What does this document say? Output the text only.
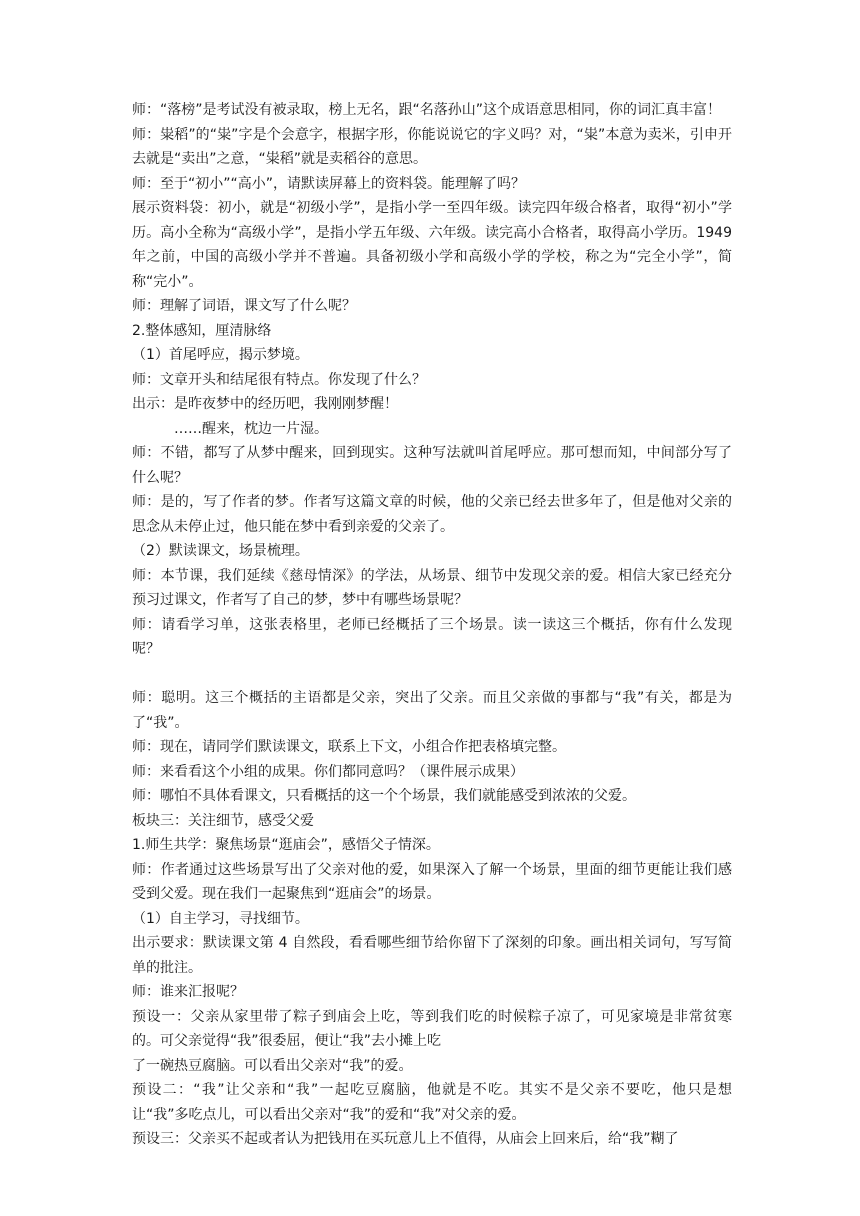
师：“落榜”是考试没有被录取，榜上无名，跟“名落孙山”这个成语意思相同，你的词汇真丰富！

师：粜稻”的“粜”字是个会意字，根据字形，你能说说它的字义吗？对，“粜”本意为卖米，引申开去就是“卖出”之意，“粜稻”就是卖稻谷的意思。

师：至于“初小”“高小”，请默读屏幕上的资料袋。能理解了吗？

展示资料袋：初小，就是“初级小学”，是指小学一至四年级。读完四年级合格者，取得“初小”学历。高小全称为“高级小学”，是指小学五年级、六年级。读完高小合格者，取得高小学历。1949 年之前，中国的高级小学并不普遍。具备初级小学和高级小学的学校，称之为“完全小学”，简称“完小”。

师：理解了词语，课文写了什么呢？

2.整体感知，厘清脉络

（1）首尾呼应，揭示梦境。

师：文章开头和结尾很有特点。你发现了什么？

出示：是昨夜梦中的经历吧，我刚刚梦醒！

……醒来，枕边一片湿。

师：不错，都写了从梦中醒来，回到现实。这种写法就叫首尾呼应。那可想而知，中间部分写了什么呢？

师：是的，写了作者的梦。作者写这篇文章的时候，他的父亲已经去世多年了，但是他对父亲的思念从未停止过，他只能在梦中看到亲爱的父亲了。

（2）默读课文，场景梳理。

师：本节课，我们延续《慈母情深》的学法，从场景、细节中发现父亲的爱。相信大家已经充分预习过课文，作者写了自己的梦，梦中有哪些场景呢？

师：请看学习单，这张表格里，老师已经概括了三个场景。读一读这三个概括，你有什么发现呢？

师：聪明。这三个概括的主语都是父亲，突出了父亲。而且父亲做的事都与“我”有关，都是为了“我”。

师：现在，请同学们默读课文，联系上下文，小组合作把表格填完整。

师：来看看这个小组的成果。你们都同意吗？（课件展示成果）

师：哪怕不具体看课文，只看概括的这一个个场景，我们就能感受到浓浓的父爱。

板块三：关注细节，感受父爱

1.师生共学：聚焦场景“逛庙会”，感悟父子情深。

师：作者通过这些场景写出了父亲对他的爱，如果深入了解一个场景，里面的细节更能让我们感受到父爱。现在我们一起聚焦到“逛庙会”的场景。

（1）自主学习，寻找细节。

出示要求：默读课文第 4 自然段，看看哪些细节给你留下了深刻的印象。画出相关词句，写写简单的批注。

师：谁来汇报呢？

预设一：父亲从家里带了粽子到庙会上吃，等到我们吃的时候粽子凉了，可见家境是非常贫寒的。可父亲觉得“我”很委屈，便让“我”去小摊上吃

了一碗热豆腐脑。可以看出父亲对“我”的爱。

预设二：“我”让父亲和“我”一起吃豆腐脑，他就是不吃。其实不是父亲不要吃，他只是想让“我”多吃点儿，可以看出父亲对“我”的爱和“我”对父亲的爱。

预设三：父亲买不起或者认为把钱用在买玩意儿上不值得，从庙会上回来后，给“我”糊了
